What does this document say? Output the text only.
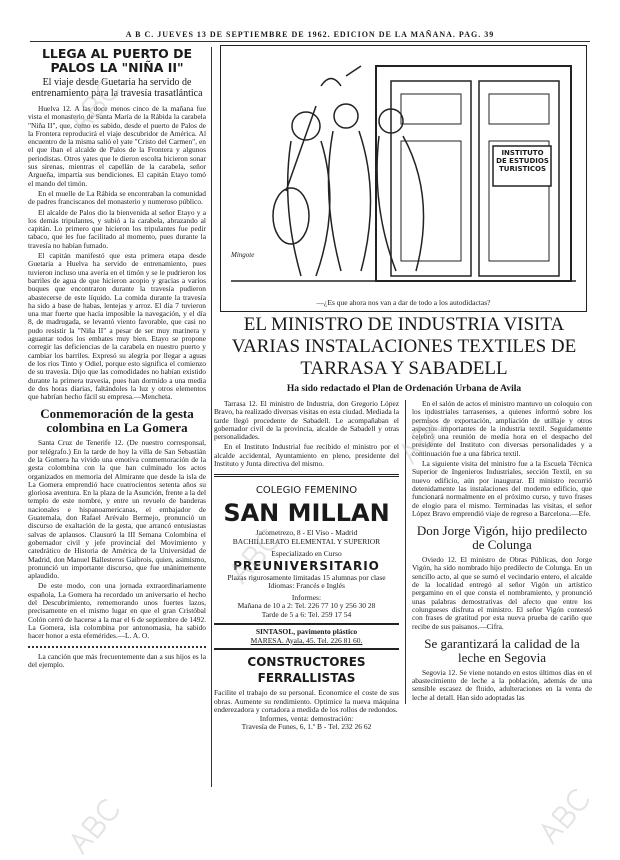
A B C. JUEVES 13 DE SEPTIEMBRE DE 1962. EDICION DE LA MAÑANA. PAG. 39
LLEGA AL PUERTO DE PALOS LA "NIÑA II"
El viaje desde Guetaria ha servido de entrenamiento para la travesía trasatlántica

Huelva 12. A las doce menos cinco de la mañana fue vista el monasterio de Santa María de la Rábida la carabela "Niña II", que, como es sabido, desde el puerto de Palos de la Frontera reproducirá el viaje descubridor de América. Al encuentro de la misma salió el yate "Cristo del Carmen", en el que iban el alcalde de Palos de la Frontera y algunos periodistas. Otros yates que le dieron escolta hicieron sonar sus sirenas, mientras el capellán de la carabela, señor Argueña, impartía sus bendiciones. El capitán Etayo tomó el mando del timón.

En el muelle de La Rábida se encontraban la comunidad de padres franciscanos del monasterio y numeroso público.

El alcalde de Palos dio la bienvenida al señor Etayo y a los demás tripulantes, y subió a la carabela, abrazando al capitán. Lo primero que hicieron los tripulantes fue pedir tabaco, que les fue facilitado al momento, pues durante la travesía no habían fumado.

El capitán manifestó que esta primera etapa desde Guetaria a Huelva ha servido de entrenamiento, pues tuvieron incluso una avería en el timón y se le pudrieron los barriles de agua de que hicieron acopio y gracias a varios buques que encontraron durante la travesía pudieron abastecerse de este líquido. La comida durante la travesía ha sido a base de habas, lentejas y arroz. El día 7 tuvieron una mar fuerte que hacía imposible la navegación, y el día 8, de madrugada, se levantó viento favorable, que casi no pudo resistir la "Niña II" a pesar de ser muy marinera y aguantar todos los embates muy bien. Etayo se propone corregir las deficiencias de la carabela en nuestro puerto y cambiar los barriles. Expresó su alegría por llegar a aguas de los ríos Tinto y Odiel, porque esto significa el comienzo de su travesía. Dijo que las comodidades no habían existido durante la primera travesía, pues han dormido a una media de dos horas diarias, faltándoles la luz y otros elementos que habrían hecho fácil su empresa.—Mencheta.

Conmemoración de la gesta colombina en La Gomera

Santa Cruz de Tenerife 12. (De nuestro corresponsal, por telégrafo.) En la tarde de hoy la villa de San Sebastián de la Gomera ha vivido una emotiva conmemoración de la gesta colombina con la que han culminado los actos organizados en memoria del Almirante que desde la isla de La Gomera emprendió hace cuatrocientos setenta años su gloriosa aventura. En la plaza de la Asunción, frente a la del templo de este nombre, y entre un revuelo de banderas nacionales e hispanoamericanas, el embajador de Guatemala, don Rafael Arévalo Bermejo, pronunció un discurso de exaltación de la gesta, que arrancó entusiastas salvas de aplausos. Clausuró la III Semana Colombina el gobernador civil y jefe provincial del Movimiento y catedrático de Historia de América de la Universidad de Madrid, don Manuel Ballesteros Gaibrois, quien, asimismo, pronunció un importante discurso, que fue unánimemente aplaudido.

De este modo, con una jornada extraordinariamente española, La Gomera ha recordado un aniversario el hecho del Descubrimiento, rememorando unos fuertes lazos, precisamente en el mismo lugar en que el gran Cristóbal Colón cerró de hacerse a la mar el 6 de septiembre de 1492. La Gomera, isla colombina por antonomasia, ha sabido hacer honor a esta efemérides.—L. A. O.

La canción que más frecuentemente dan a sus hijos es la del ejemplo.

INSTITUTO DE ESTUDIOS TURISTICOS
Mingote
—¿Es que ahora nos van a dar de todo a los autodidactas?
EL MINISTRO DE INDUSTRIA VISITA VARIAS INSTALACIONES TEXTILES DE TARRASA Y SABADELL
Ha sido redactado el Plan de Ordenación Urbana de Avila

Tarrasa 12. El ministro de Industria, don Gregorio López Bravo, ha realizado diversas visitas en esta ciudad. Mediada la tarde llegó procedente de Sabadell. Le acompañaban el gobernador civil de la provincia, alcalde de Sabadell y otras personalidades.

En el Instituto Industrial fue recibido el ministro por el alcalde accidental, Ayuntamiento en pleno, presidente del Instituto y Junta directiva del mismo.

COLEGIO FEMENINO
SAN MILLAN
Jacometrezo, 8 - El Viso - Madrid
BACHILLERATO ELEMENTAL Y SUPERIOR
Especializado en Curso
PREUNIVERSITARIO
Plazas rigurosamente limitadas 15 alumnas por clase
Idiomas: Francés e Inglés
Informes:
Mañana de 10 a 2: Tel. 226 77 10 y 256 30 28
Tarde de 5 a 6: Tel. 259 17 54
SINTASOL, pavimento plástico
MARESA. Ayala, 45. Tel. 226 81 60.
CONSTRUCTORES FERRALLISTAS
Facilite el trabajo de su personal. Economice el coste de sus obras. Aumente su rendimiento. Optimice la nueva máquina enderezadora y cortadora a medida de los rollos de redondos.
Informes, venta: demostración:
Travesía de Funes, 6, 1.º B - Tel. 232 26 62

En el salón de actos el ministro mantuvo un coloquio con los industriales tarrasenses, a quienes informó sobre los permisos de exportación, ampliación de utillaje y otros aspectos importantes de la industria textil. Seguidamente celebró una reunión de media hora en el despacho del presidente del Instituto con diversas personalidades y a continuación fue a una fábrica textil.

La siguiente visita del ministro fue a la Escuela Técnica Superior de Ingenieros Industriales, sección Textil, en su nuevo edificio, aún por inaugurar. El ministro recorrió detenidamente las instalaciones del moderno edificio, que funcionará normalmente en el próximo curso, y tuvo frases de elogio para el mismo. Terminadas las visitas, el señor López Bravo emprendió viaje de regreso a Barcelona.—Efe.

Don Jorge Vigón, hijo predilecto de Colunga

Oviedo 12. El ministro de Obras Públicas, don Jorge Vigón, ha sido nombrado hijo predilecto de Colunga. En un sencillo acto, al que se sumó el vecindario entero, el alcalde de la localidad entregó al señor Vigón un artístico pergamino en el que consta el nombramiento, y pronunció unas palabras demostrativas del afecto que entre los colungueses disfruta el ministro. El señor Vigón contestó con frases de gratitud por esta nueva prueba de cariño que recibe de sus paisanos.—Cifra.

Se garantizará la calidad de la leche en Segovia

Segovia 12. Se viene notando en estos últimos días en el abastecimiento de leche a la población, además de una sensible escasez de fluido, adulteraciones en la venta de leche al detall. Han sido adoptadas las
